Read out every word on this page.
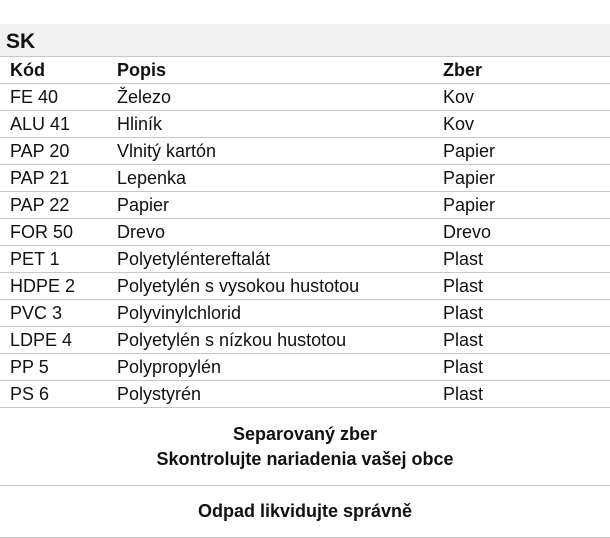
SK
Kód	Popis	Zber
FE 40	Železo	Kov
ALU 41	Hliník	Kov
PAP 20	Vlnitý kartón	Papier
PAP 21	Lepenka	Papier
PAP 22	Papier	Papier
FOR 50	Drevo	Drevo
PET 1	Polyetyléntereftalát	Plast
HDPE 2	Polyetylén s vysokou hustotou	Plast
PVC 3	Polyvinylchlorid	Plast
LDPE 4	Polyetylén s nízkou hustotou	Plast
PP 5	Polypropylén	Plast
PS 6	Polystyrén	Plast
Separovaný zber
Skontrolujte nariadenia vašej obce
Odpad likvidujte správně
